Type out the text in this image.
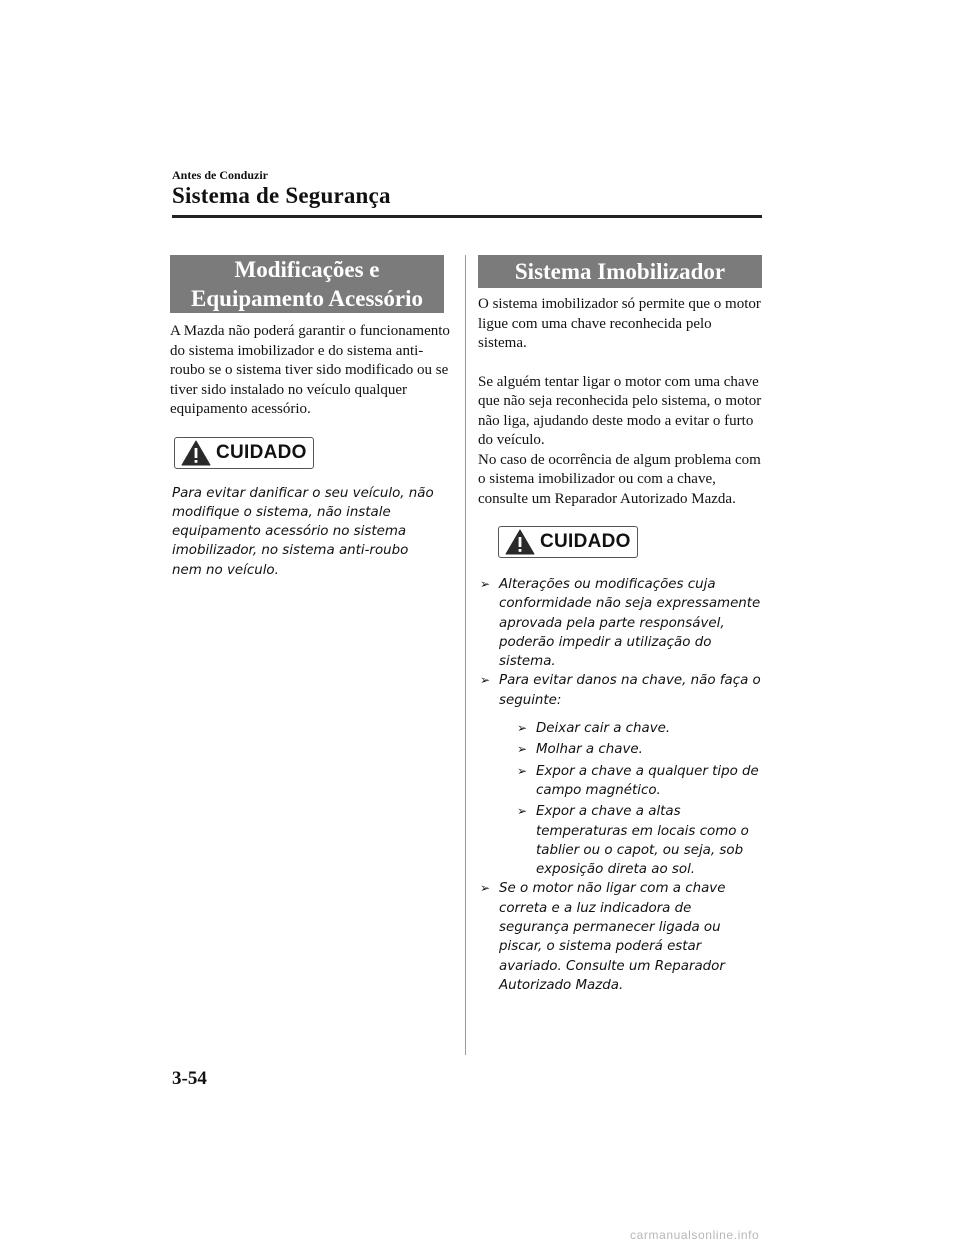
Antes de Conduzir
Sistema de Segurança
Modificações e
Equipamento Acessório

A Mazda não poderá garantir o funcionamento do sistema imobilizador e do sistema anti-roubo se o sistema tiver sido modificado ou se tiver sido instalado no veículo qualquer equipamento acessório.

CUIDADO

Para evitar danificar o seu veículo, não modifique o sistema, não instale equipamento acessório no sistema imobilizador, no sistema anti-roubo nem no veículo.

Sistema Imobilizador

O sistema imobilizador só permite que o motor ligue com uma chave reconhecida pelo sistema.

Se alguém tentar ligar o motor com uma chave que não seja reconhecida pelo sistema, o motor não liga, ajudando deste modo a evitar o furto do veículo.

No caso de ocorrência de algum problema com o sistema imobilizador ou com a chave, consulte um Reparador Autorizado Mazda.

CUIDADO
➢ Alterações ou modificações cuja conformidade não seja expressamente aprovada pela parte responsável, poderão impedir a utilização do sistema.
➢ Para evitar danos na chave, não faça o seguinte:
➢ Deixar cair a chave.
➢ Molhar a chave.
➢ Expor a chave a qualquer tipo de campo magnético.
➢ Expor a chave a altas temperaturas em locais como o tablier ou o capot, ou seja, sob exposição direta ao sol.
➢ Se o motor não ligar com a chave correta e a luz indicadora de segurança permanecer ligada ou piscar, o sistema poderá estar avariado. Consulte um Reparador Autorizado Mazda.
3-54
carmanualsonline.info
